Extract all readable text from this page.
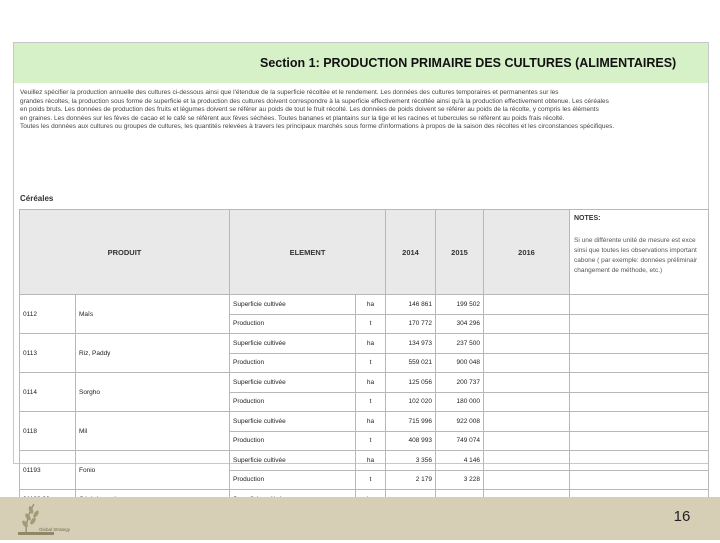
Section 1: PRODUCTION PRIMAIRE DES CULTURES (ALIMENTAIRES)

Veuillez spécifier la production annuelle des cultures ci-dessous ainsi que l'étendue de la superficie récoltée et le rendement. Les données des cultures temporaires et permanentes sur les

grandes récoltes, la production sous forme de superficie et la production des cultures doivent correspondre à la superficie effectivement récoltée ainsi qu'à la production effectivement obtenue. Les céréales

en poids bruts. Les données de production des fruits et légumes doivent se référer au poids de tout le fruit récolté. Les données de poids doivent se référer au poids de la récolte, y compris les éléments

en graines. Les données sur les fèves de cacao et le café se réfèrent aux fèves séchées. Toutes bananes et plantains sur la tige et les racines et tubercules se réfèrent au poids frais récolté.

Toutes les données aux cultures ou groupes de cultures, les quantités relevées à travers les principaux marchés sous forme d'informations à propos de la saison des récoltes et les circonstances spécifiques.

Céréales
PRODUIT		ELEMENT		2014	2015	2016	NOTES:
Si une différente unité de mesure est exce sinsi que toutes les observations important cabone ( par exemple: données préliminair changement de méthode, etc.)

0112	Maïs	Superficie cultivée	ha	146 861	199 502		
		Production	t	170 772	304 296		
0113	Riz, Paddy	Superficie cultivée	ha	134 973	237 500		
		Production	t	559 021	900 048		
0114	Sorgho	Superficie cultivée	ha	125 056	200 737		
		Production	t	102 020	180 000		
0118	Mil	Superficie cultivée	ha	715 996	922 008		
		Production	t	408 993	749 074		
01193	Fonio	Superficie cultivée	ha	3 356	4 146		
		Production	t	2 179	3 228		

Global Strategy
16
